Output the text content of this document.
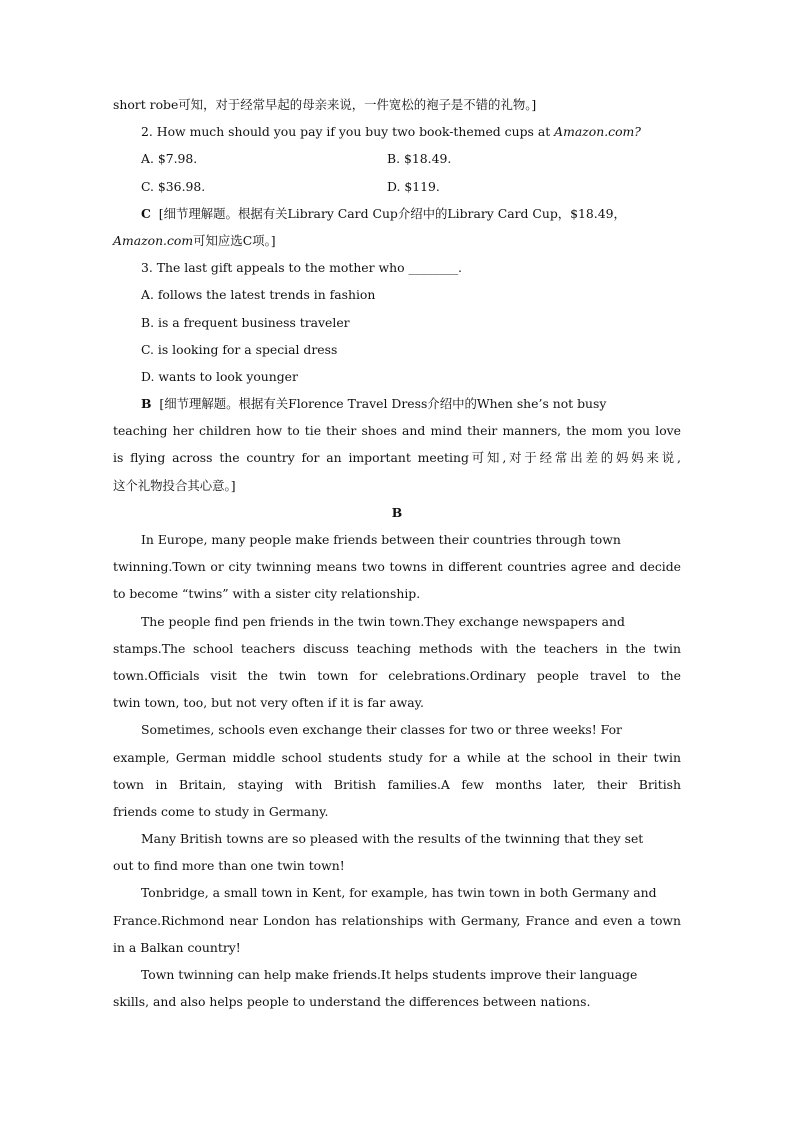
short robe可知，对于经常早起的母亲来说，一件宽松的袍子是不错的礼物。]
2. How much should you pay if you buy two book-themed cups at Amazon.com?
A. $7.98.	B. $18.49.
C. $36.98.	D. $119.
C [细节理解题。根据有关Library Card Cup介绍中的Library Card Cup，$18.49，
Amazon.com可知应选C项。]
3. The last gift appeals to the mother who ________.
A. follows the latest trends in fashion
B. is a frequent business traveler
C. is looking for a special dress
D. wants to look younger
B [细节理解题。根据有关Florence Travel Dress介绍中的When she’s not busy
teaching her children how to tie their shoes and mind their manners, the mom you love
is flying across the country for an important meeting可知,对于经常出差的妈妈来说,
这个礼物投合其心意。]
B
In Europe, many people make friends between their countries through town
twinning.Town or city twinning means two towns in different countries agree and decide
to become “twins” with a sister city relationship.
The people find pen friends in the twin town.They exchange newspapers and
stamps.The school teachers discuss teaching methods with the teachers in the twin
town.Officials visit the twin town for celebrations.Ordinary people travel to the
twin town, too, but not very often if it is far away.
Sometimes, schools even exchange their classes for two or three weeks! For
example, German middle school students study for a while at the school in their twin
town in Britain, staying with British families.A few months later, their British
friends come to study in Germany.
Many British towns are so pleased with the results of the twinning that they set
out to find more than one twin town!
Tonbridge, a small town in Kent, for example, has twin town in both Germany and
France.Richmond near London has relationships with Germany, France and even a town
in a Balkan country!
Town twinning can help make friends.It helps students improve their language
skills, and also helps people to understand the differences between nations.
